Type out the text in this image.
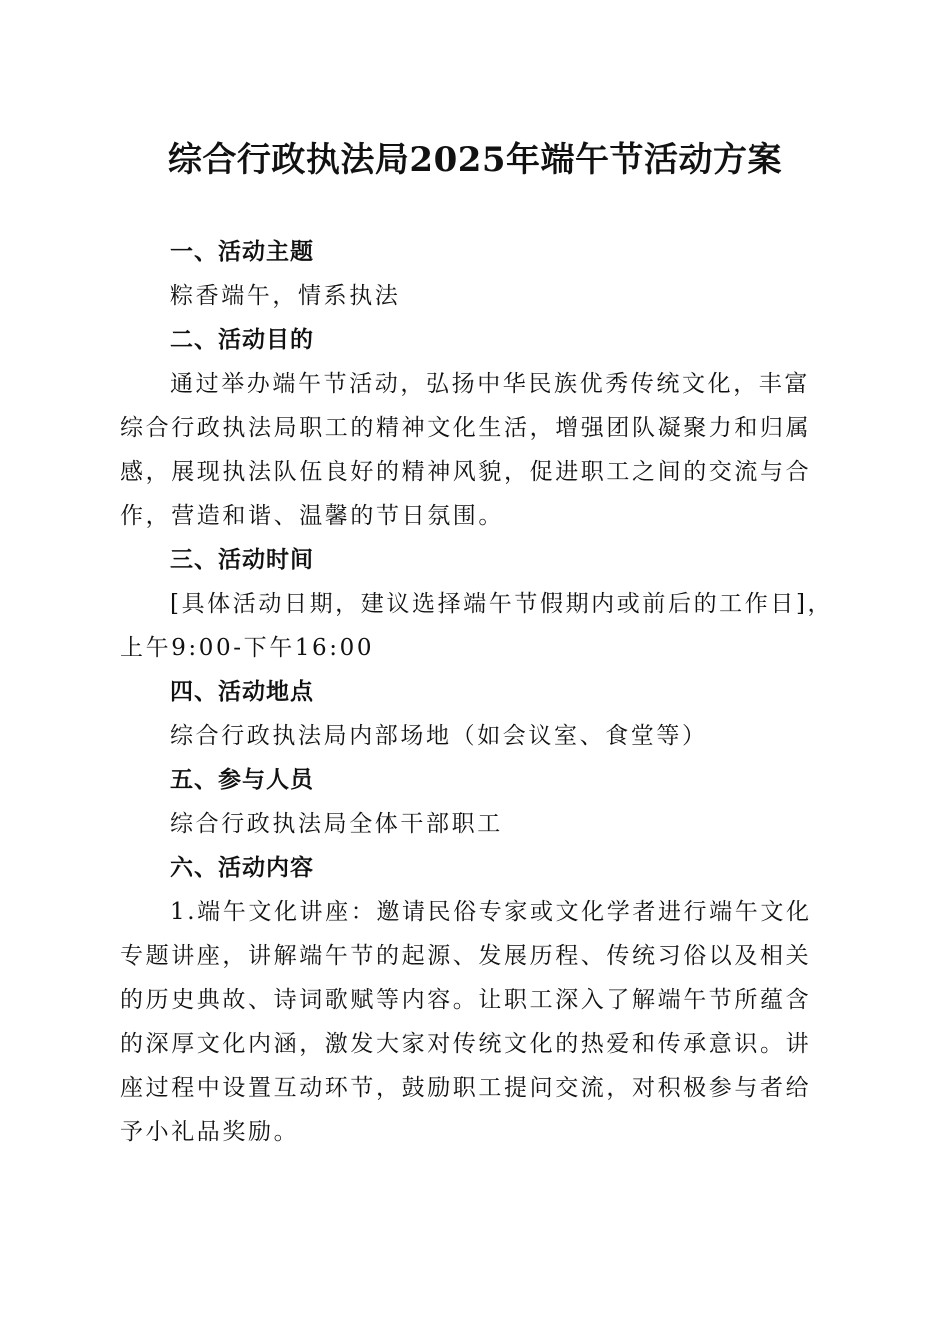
综合行政执法局2025年端午节活动方案
一、活动主题
粽香端午，情系执法
二、活动目的
通过举办端午节活动，弘扬中华民族优秀传统文化，丰富
综合行政执法局职工的精神文化生活，增强团队凝聚力和归属
感，展现执法队伍良好的精神风貌，促进职工之间的交流与合
作，营造和谐、温馨的节日氛围。
三、活动时间
[具体活动日期，建议选择端午节假期内或前后的工作日]，
上午9:00-下午16:00
四、活动地点
综合行政执法局内部场地（如会议室、食堂等）
五、参与人员
综合行政执法局全体干部职工
六、活动内容
1.端午文化讲座：邀请民俗专家或文化学者进行端午文化
专题讲座，讲解端午节的起源、发展历程、传统习俗以及相关
的历史典故、诗词歌赋等内容。让职工深入了解端午节所蕴含
的深厚文化内涵，激发大家对传统文化的热爱和传承意识。讲
座过程中设置互动环节，鼓励职工提问交流，对积极参与者给
予小礼品奖励。
